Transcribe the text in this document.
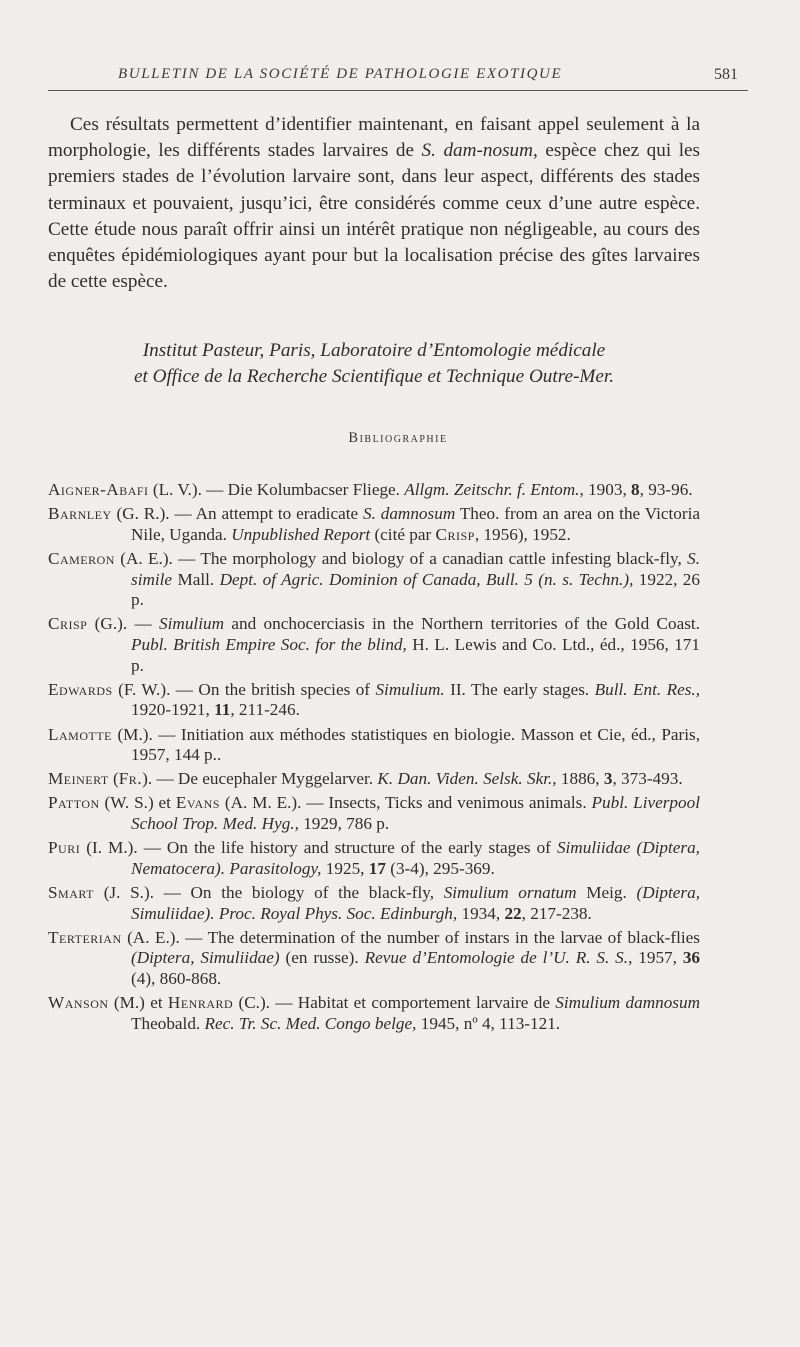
BULLETIN DE LA SOCIÉTÉ DE PATHOLOGIE EXOTIQUE	581

Ces résultats permettent d’identifier maintenant, en faisant appel seulement à la morphologie, les différents stades larvaires de S. dam-nosum, espèce chez qui les premiers stades de l’évolution larvaire sont, dans leur aspect, différents des stades terminaux et pouvaient, jusqu’ici, être considérés comme ceux d’une autre espèce. Cette étude nous paraît offrir ainsi un intérêt pratique non négligeable, au cours des enquêtes épidémiologiques ayant pour but la localisation précise des gîtes larvaires de cette espèce.

Institut Pasteur, Paris, Laboratoire d’Entomologie médicale
et Office de la Recherche Scientifique et Technique Outre-Mer.
Bibliographie

Aigner-Abafi (L. V.). — Die Kolumbacser Fliege. Allgm. Zeitschr. f. Entom., 1903, 8, 93-96.

Barnley (G. R.). — An attempt to eradicate S. damnosum Theo. from an area on the Victoria Nile, Uganda. Unpublished Report (cité par Crisp, 1956), 1952.

Cameron (A. E.). — The morphology and biology of a canadian cattle infesting black-fly, S. simile Mall. Dept. of Agric. Dominion of Canada, Bull. 5 (n. s. Techn.), 1922, 26 p.

Crisp (G.). — Simulium and onchocerciasis in the Northern territories of the Gold Coast. Publ. British Empire Soc. for the blind, H. L. Lewis and Co. Ltd., éd., 1956, 171 p.

Edwards (F. W.). — On the british species of Simulium. II. The early stages. Bull. Ent. Res., 1920-1921, 11, 211-246.

Lamotte (M.). — Initiation aux méthodes statistiques en biologie. Masson et Cie, éd., Paris, 1957, 144 p..

Meinert (Fr.). — De eucephaler Myggelarver. K. Dan. Viden. Selsk. Skr., 1886, 3, 373-493.

Patton (W. S.) et Evans (A. M. E.). — Insects, Ticks and venimous animals. Publ. Liverpool School Trop. Med. Hyg., 1929, 786 p.

Puri (I. M.). — On the life history and structure of the early stages of Simuliidae (Diptera, Nematocera). Parasitology, 1925, 17 (3-4), 295-369.

Smart (J. S.). — On the biology of the black-fly, Simulium ornatum Meig. (Diptera, Simuliidae). Proc. Royal Phys. Soc. Edinburgh, 1934, 22, 217-238.

Terterian (A. E.). — The determination of the number of instars in the larvae of black-flies (Diptera, Simuliidae) (en russe). Revue d’Entomologie de l’U. R. S. S., 1957, 36 (4), 860-868.

Wanson (M.) et Henrard (C.). — Habitat et comportement larvaire de Simulium damnosum Theobald. Rec. Tr. Sc. Med. Congo belge, 1945, nº 4, 113-121.
